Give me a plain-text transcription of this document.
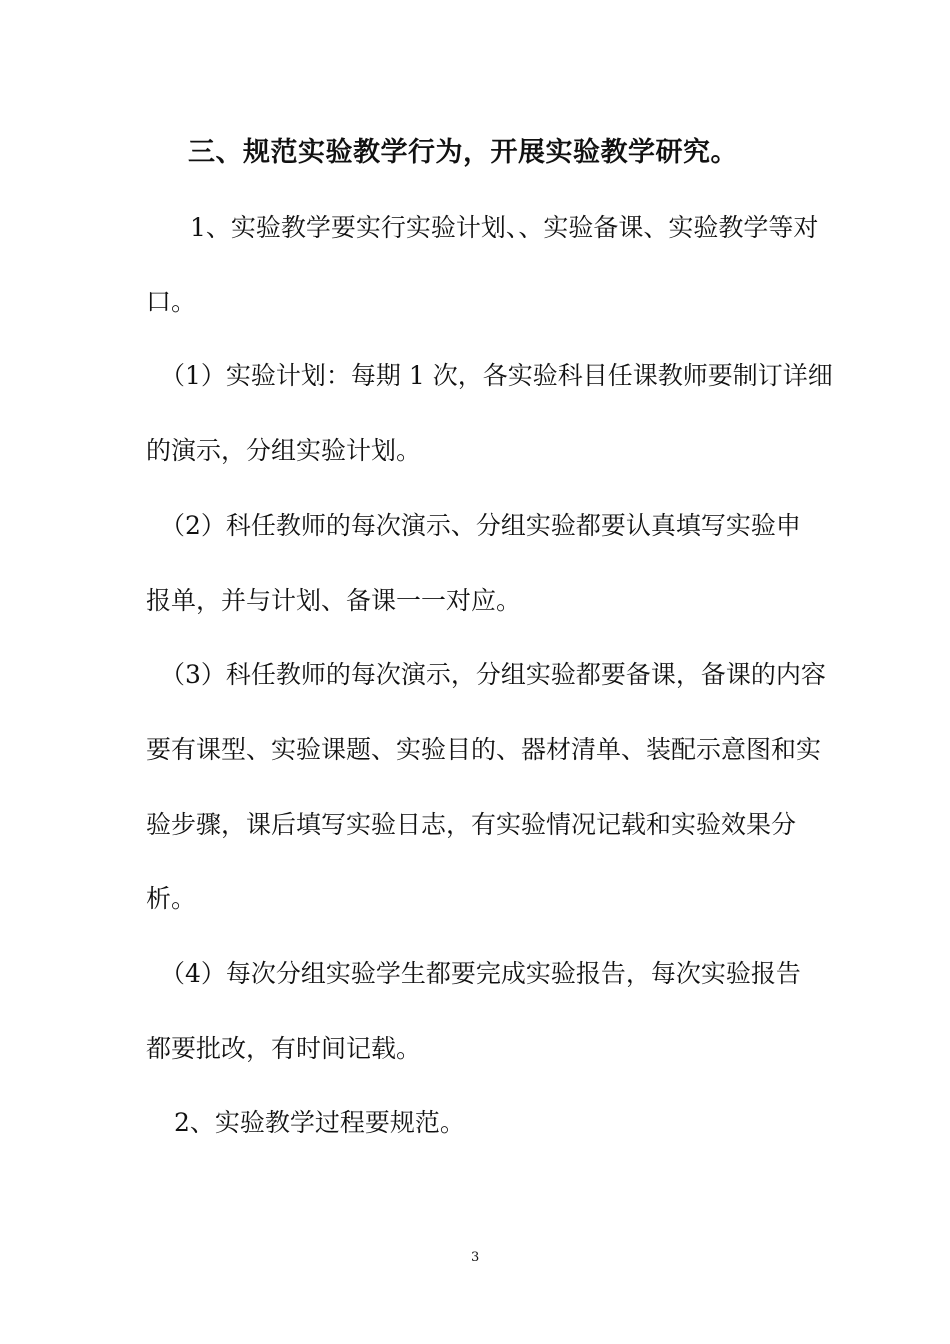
三、规范实验教学行为，开展实验教学研究。
1、实验教学要实行实验计划、、实验备课、实验教学等对
口。
（1）实验计划：每期 1 次，各实验科目任课教师要制订详细
的演示，分组实验计划。
（2）科任教师的每次演示、分组实验都要认真填写实验申
报单，并与计划、备课一一对应。
（3）科任教师的每次演示，分组实验都要备课，备课的内容
要有课型、实验课题、实验目的、器材清单、装配示意图和实
验步骤，课后填写实验日志，有实验情况记载和实验效果分
析。
（4）每次分组实验学生都要完成实验报告，每次实验报告
都要批改，有时间记载。
2、实验教学过程要规范。
3
